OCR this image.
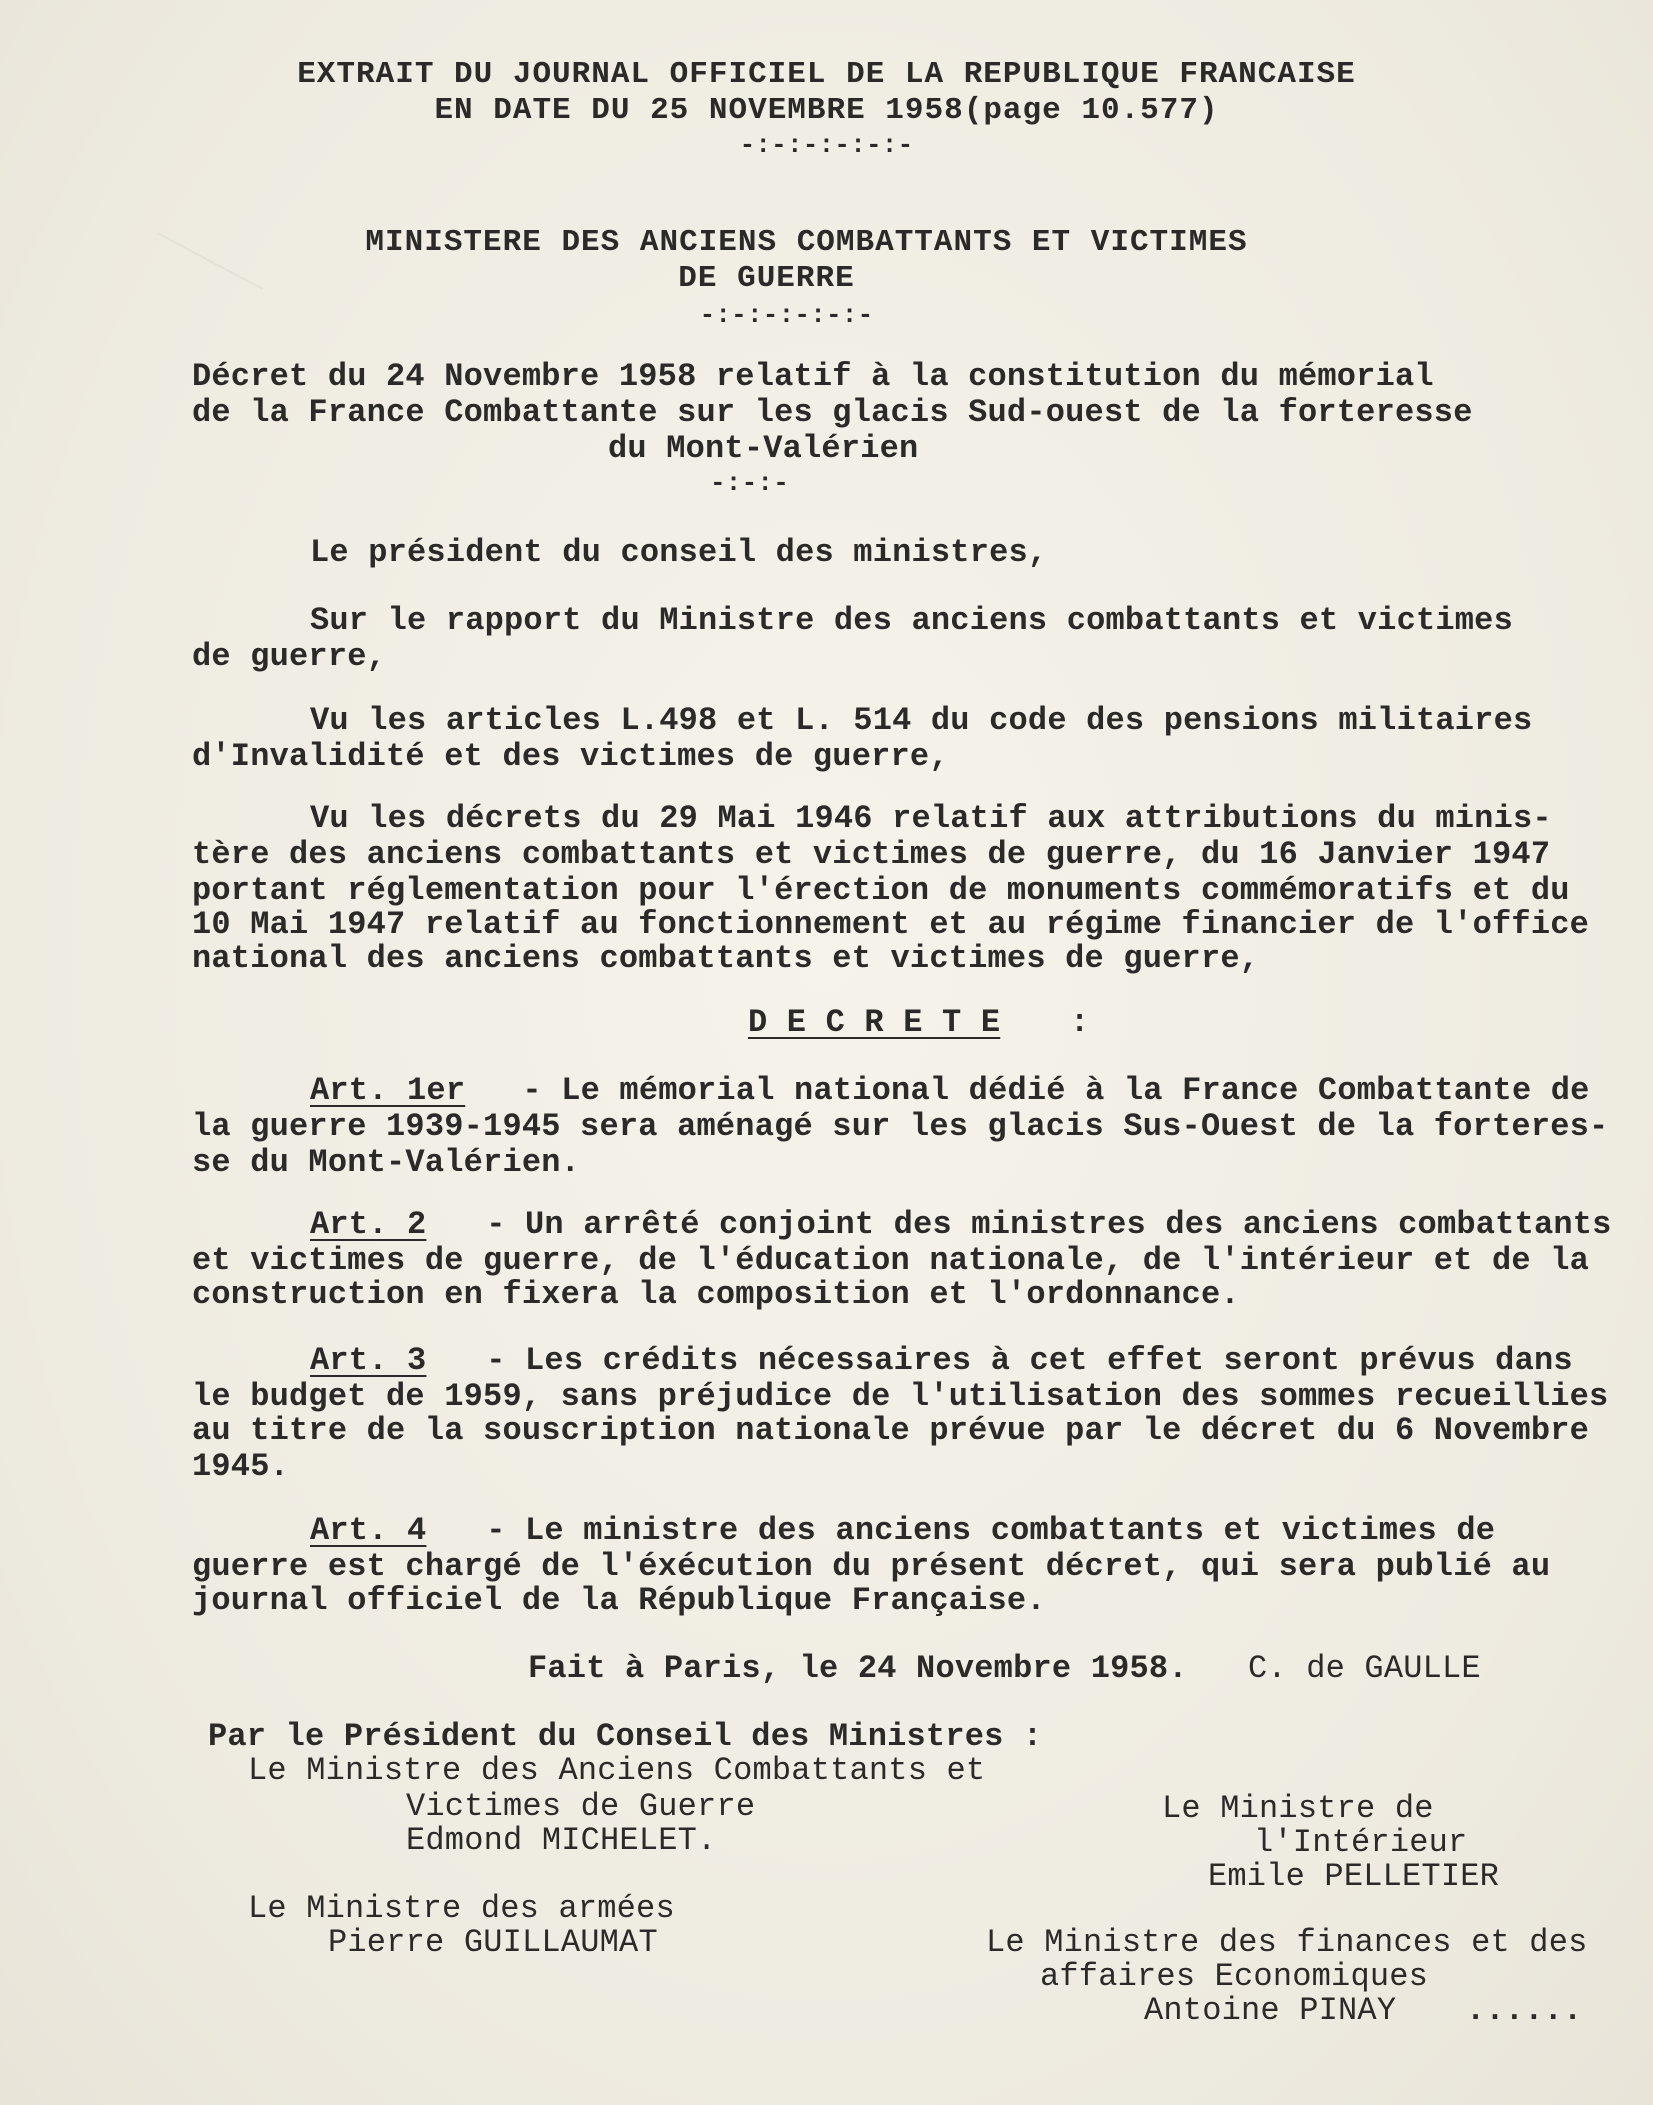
EXTRAIT DU JOURNAL OFFICIEL DE LA REPUBLIQUE FRANCAISE
EN DATE DU 25 NOVEMBRE 1958(page 10.577)
-:-:-:-:-:-
MINISTERE DES ANCIENS COMBATTANTS ET VICTIMES
DE GUERRE
-:-:-:-:-:-
Décret du 24 Novembre 1958 relatif à la constitution du mémorial
de la France Combattante sur les glacis Sud-ouest de la forteresse
du Mont-Valérien
-:-:-
Le président du conseil des ministres,
Sur le rapport du Ministre des anciens combattants et victimes
de guerre,
Vu les articles L.498 et L. 514 du code des pensions militaires
d'Invalidité et des victimes de guerre,
Vu les décrets du 29 Mai 1946 relatif aux attributions du minis-
tère des anciens combattants et victimes de guerre, du 16 Janvier 1947
portant réglementation pour l'érection de monuments commémoratifs et du
10 Mai 1947 relatif au fonctionnement et au régime financier de l'office
national des anciens combattants et victimes de guerre,
D E C R E T E :
Art. 1er - Le mémorial national dédié à la France Combattante de
la guerre 1939-1945 sera aménagé sur les glacis Sus-Ouest de la forteres-
se du Mont-Valérien.
Art. 2 - Un arrêté conjoint des ministres des anciens combattants
et victimes de guerre, de l'éducation nationale, de l'intérieur et de la
construction en fixera la composition et l'ordonnance.
Art. 3 - Les crédits nécessaires à cet effet seront prévus dans
le budget de 1959, sans préjudice de l'utilisation des sommes recueillies
au titre de la souscription nationale prévue par le décret du 6 Novembre
1945.
Art. 4 - Le ministre des anciens combattants et victimes de
guerre est chargé de l'éxécution du présent décret, qui sera publié au
journal officiel de la République Française.
Fait à Paris, le 24 Novembre 1958. C. de GAULLE
Par le Président du Conseil des Ministres :
Le Ministre des Anciens Combattants et
Victimes de Guerre
Edmond MICHELET.
Le Ministre de
l'Intérieur
Emile PELLETIER
Le Ministre des armées
Pierre GUILLAUMAT	Le Ministre des finances et des
affaires Economiques
Antoine PINAY ......
